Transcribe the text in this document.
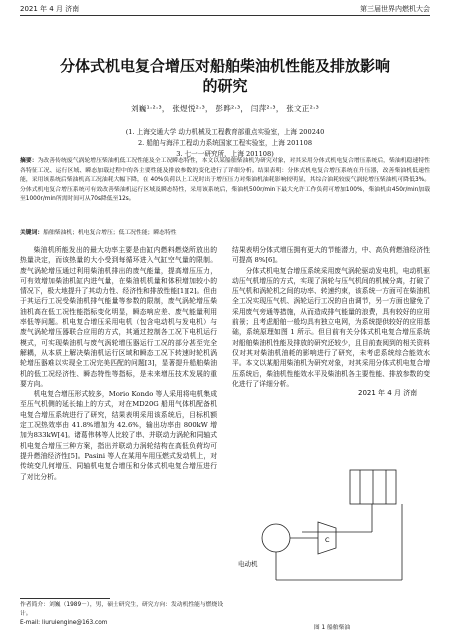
2021 年 4 月 济南	第三届世界内燃机大会
分体式机电复合增压对船舶柴油机性能及排放影响
的研究
刘巍¹·²·³， 张煜悦²·³， 彭晔²·³， 闫萍²·³， 张文正²·³
(1. 上海交通大学 动力机械及工程教育部重点实验室，上海 200240
2. 船舶与海洋工程动力系统国家工程实验室，上海 201108
3. 七一一研究所，上海 201108)
摘要：为改善传统废气涡轮增压柴油机低工况性能及全工况瞬态特性，本文以某船舶柴油机为研究对象，对其采用分体式机电复合增压系统后，柴油机稳速特性各特征工况、运行区域、瞬态加载过程中的各主要性能及排放参数的变化进行了详细分析。结果表明：分体式机电复合增压系统在升压器，改善柴油机低速性能，采用该系统后柴油机高工况油耗大幅下降，在 40%负荷以上工况时出于增压压力对柴油机油耗影响较明显，其综合油耗较废气涡轮增压柴油机可降低3%。分体式机电复合增压系统可有效改善柴油机运行区域及瞬态特性，采用该系统后，柴油机500r/min下最大允许工作负荷可增加100%，柴油机由450r/min加载至1000r/min所需时间可从70s降低至12s。
关键词：船舶柴油机；机电复合增压；低工况性能；瞬态特性

柴油机所能发出的最大功率主要是由缸内燃料燃烧所放出的热量决定，而该热量的大小受到每循环进入气缸空气量的限制。废气涡轮增压通过利用柴油机排出的废气能量，提高增压压力，可有效增加柴油机缸内进气量，在柴油机机量和体积增加较小的情况下，极大地提升了其动力性、经济性和排放性能[1][2]。但由于其运行工况受柴油机排气能量等参数的限制，废气涡轮增压柴油机高在低工况性能指标变化明显，瞬态响应差、废气能量利用率低等问题。机电复合增压采用电机（包含电动机与发电机）与废气涡轮增压器联合应用的方式，其通过控制各工况下电机运行模式，可实现柴油机与废气涡轮增压器运行工况的部分甚至完全解耦，从本质上解决柴油机运行区域和瞬态工况下转速时轮机涡轮增压器难以实现全工况完美匹配的问题[3]，显著提升船舶柴油机的低工况经济性、瞬态特性等指标，是未来增压技术发展的重要方向。

机电复合增压形式较多，Morio Kondo 等人采用将电机集成至压气机侧的延长轴上的方式，对在MD20G 船用气体机配备机电复合增压系统进行了研究，结果表明采用该系统后，目标机额定工况热效率由 41.8%增加为 42.6%，输出功率由 800kW 增加为833kW[4]。诸葛伟林等人比较了串、并联动力涡轮和同轴式机电复合增压三种方案，指出并联动力涡轮结构在高低负荷均可提升燃油经济性[5]。Pasini 等人在某用车用压燃式发动机上，对传统变几何增压、同轴机电复合增压和分体式机电复合增压进行了对比分析。

结果表明分体式增压拥有更大的节能潜力，中、高负荷燃油经济性可提高 8%[6]。

分体式机电复合增压系统采用废气涡轮驱动发电机，电动机驱动压气机增压的方式，实现了涡轮与压气机间的机械分离，打破了压气机和涡轮机之间的功率、转速约束，该系统一方面可在柴油机全工况实现压气机、涡轮运行工况的自由调节，另一方面也避免了采用废气旁通等措施，从而造成排气能量的浪费，具有较好的应用前景；且考虑船舶一般均具有独立电网，为系统提供较好的应用基础，系统原理如图 1 所示。但目前有关分体式机电复合增压系统对船舶柴油机性能及排放的研究还较少，且目前查阅到的相关资料仅对其对柴油机油耗的影响进行了研究，未考虑系统综合能效水平。本文以某船用柴油机为研究对象，对其采用分体式机电复合增压系统后，柴油机性能效水平及柴油机各主要性能、排放参数的变化进行了详细分析。

2021 年 4 月 济南
C
电动机
图 1 船舶柴油
作者简介：刘巍（1989－），男，硕士研究生，研究方向：发动机性能与燃烧设计。
E-mail: liuruiengine@163.com
